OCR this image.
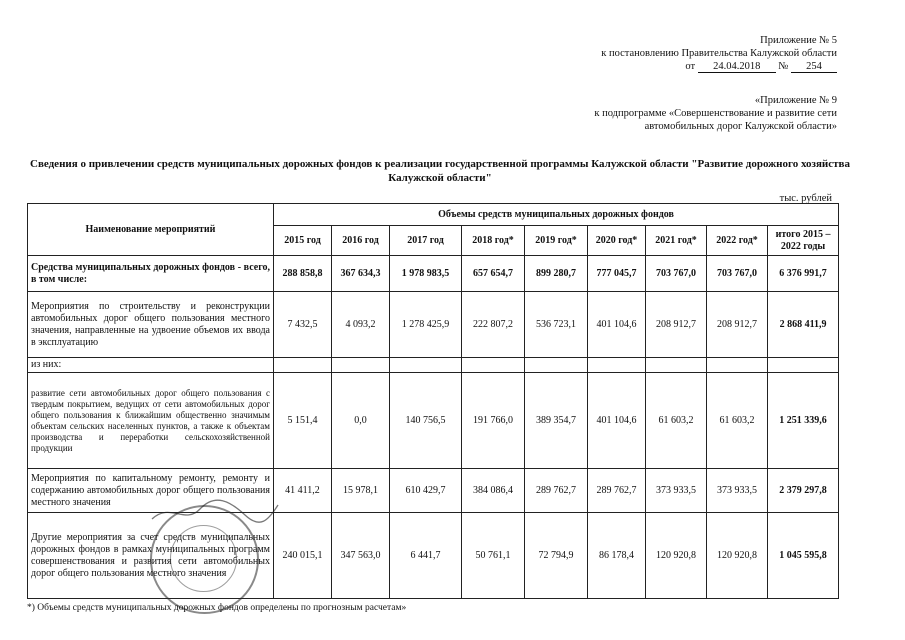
Приложение № 5
к постановлению Правительства Калужской области
от 24.04.2018 № 254
«Приложение № 9
к подпрограмме «Совершенствование и развитие сети
автомобильных дорог Калужской области»
Сведения о привлечении средств муниципальных дорожных фондов к реализации государственной программы Калужской области "Развитие дорожного хозяйства Калужской области"
тыс. рублей
Наименование мероприятий	Объемы средств муниципальных дорожных фондов								
	2015 год	2016 год	2017 год	2018 год*	2019 год*	2020 год*	2021 год*	2022 год*	итого 2015 – 2022 годы
Средства муниципальных дорожных фондов - всего, в том числе:	288 858,8	367 634,3	1 978 983,5	657 654,7	899 280,7	777 045,7	703 767,0	703 767,0	6 376 991,7
Мероприятия по строительству и реконструкции автомобильных дорог общего пользования местного значения, направленные на удвоение объемов их ввода в эксплуатацию	7 432,5	4 093,2	1 278 425,9	222 807,2	536 723,1	401 104,6	208 912,7	208 912,7	2 868 411,9
из них:									
развитие сети автомобильных дорог общего пользования с твердым покрытием, ведущих от сети автомобильных дорог общего пользования к ближайшим общественно значимым объектам сельских населенных пунктов, а также к объектам производства и переработки сельскохозяйственной продукции	5 151,4	0,0	140 756,5	191 766,0	389 354,7	401 104,6	61 603,2	61 603,2	1 251 339,6
Мероприятия по капитальному ремонту, ремонту и содержанию автомобильных дорог общего пользования местного значения	41 411,2	15 978,1	610 429,7	384 086,4	289 762,7	289 762,7	373 933,5	373 933,5	2 379 297,8
Другие мероприятия за счет средств муниципальных дорожных фондов в рамках муниципальных программ совершенствования и развития сети автомобильных дорог общего пользования местного значения	240 015,1	347 563,0	6 441,7	50 761,1	72 794,9	86 178,4	120 920,8	120 920,8	1 045 595,8
*) Объемы средств муниципальных дорожных фондов определены по прогнозным расчетам»
